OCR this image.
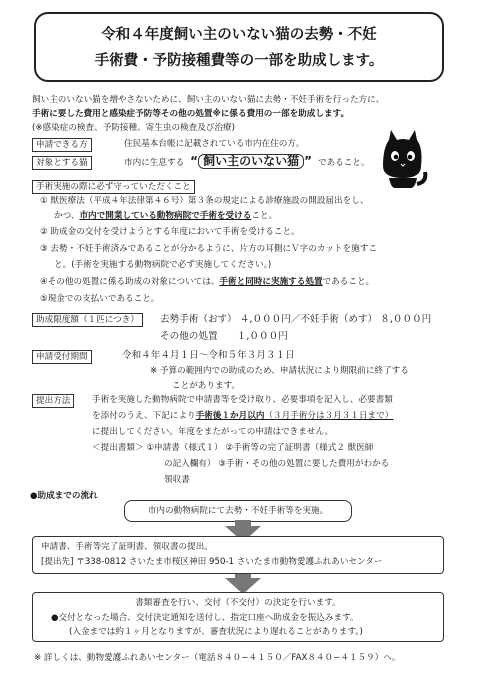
令和４年度飼い主のいない猫の去勢・不妊
手術費・予防接種費等の一部を助成します。
飼い主のいない猫を増やさないために、飼い主のいない猫に去勢・不妊手術を行った方に、
手術に要した費用と感染症予防等その他の処置※に係る費用の一部を助成します。
(※感染症の検査、予防接種、寄生虫の検査及び治療)
申請できる方	住民基本台帳に記載されている市内在住の方。
対象とする猫	市内に生息する “ 飼い主のいない猫 ” であること。
手術実施の際に必ず守っていただくこと
① 獣医療法（平成４年法律第４６号）第３条の規定による診療施設の開設届出をし、
かつ、市内で開業している動物病院で手術を受けること。
② 助成金の交付を受けようとする年度において手術を受けること。
③ 去勢・不妊手術済みであることが分かるように、片方の耳側にＶ字のカットを施すこ
と。(手術を実施する動物病院で必ず実施してください。)
④その他の処置に係る助成の対象については、手術と同時に実施する処置であること。
⑤現金での支払いであること。
助成限度額（１匹につき）	去勢手術（おす） ４,０００円／不妊手術（めす） ８,０００円
その他の処置　　 １,０００円
申請受付期間	令和４年４月１日〜令和５年３月３１日
※ 予算の範囲内での助成のため、申請状況により期限前に終了する
ことがあります。
提出方法	手術を実施した動物病院で申請書等を受け取り、必要事項を記入し、必要書類
を添付のうえ、下記により手術後１か月以内（３月手術分は３月３１日まで）
に提出してください。年度をまたがっての申請はできません。
＜提出書類＞ ①申請書（様式１） ②手術等の完了証明書（様式２ 獣医師
の記入欄有） ③手術・その他の処置に要した費用がわかる
領収書
●助成までの流れ
市内の動物病院にて去勢・不妊手術等を実施。
申請書、手術等完了証明書、領収書の提出。
[提出先] 〒338-0812 さいたま市桜区神田 950-1 さいたま市動物愛護ふれあいセンター
書類審査を行い、交付（不交付）の決定を行います。
●交付となった場合、交付決定通知を送付し、指定口座へ助成金を振込みます。
(入金までは約１ヶ月となりますが、審査状況により遅れることがあります。)
※ 詳しくは、動物愛護ふれあいセンター（電話８４０−４１５０／FAX８４０−４１５９）へ。
